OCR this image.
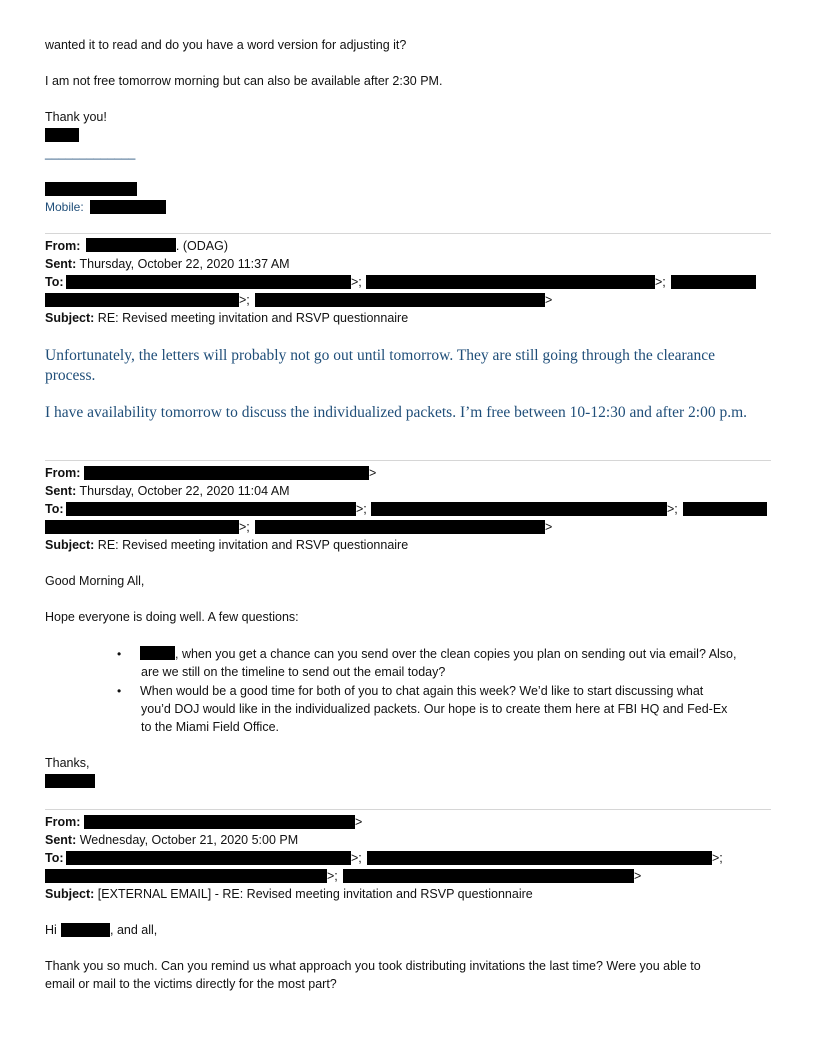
wanted it to read and do you have a word version for adjusting it?
I am not free tomorrow morning but can also be available after 2:30 PM.
Thank you!
_____________
Mobile:
From:	. (ODAG)
Sent: Thursday, October 22, 2020 11:37 AM
To:	>;	>;
>;	>
Subject: RE: Revised meeting invitation and RSVP questionnaire
Unfortunately, the letters will probably not go out until tomorrow. They are still going through the clearance process.
I have availability tomorrow to discuss the individualized packets. I’m free between 10-12:30 and after 2:00 p.m.
From:	>
Sent: Thursday, October 22, 2020 11:04 AM
To:	>;	>;
>;	>
Subject: RE: Revised meeting invitation and RSVP questionnaire
Good Morning All,
Hope everyone is doing well. A few questions:
•	, when you get a chance can you send over the clean copies you plan on sending out via email? Also,
are we still on the timeline to send out the email today?
• When would be a good time for both of you to chat again this week? We’d like to start discussing what
you’d DOJ would like in the individualized packets. Our hope is to create them here at FBI HQ and Fed-Ex
to the Miami Field Office.
Thanks,
From:	>
Sent: Wednesday, October 21, 2020 5:00 PM
To:	>;	>;
>;	>
Subject: [EXTERNAL EMAIL] - RE: Revised meeting invitation and RSVP questionnaire
Hi	, and all,
Thank you so much. Can you remind us what approach you took distributing invitations the last time? Were you able to
email or mail to the victims directly for the most part?
